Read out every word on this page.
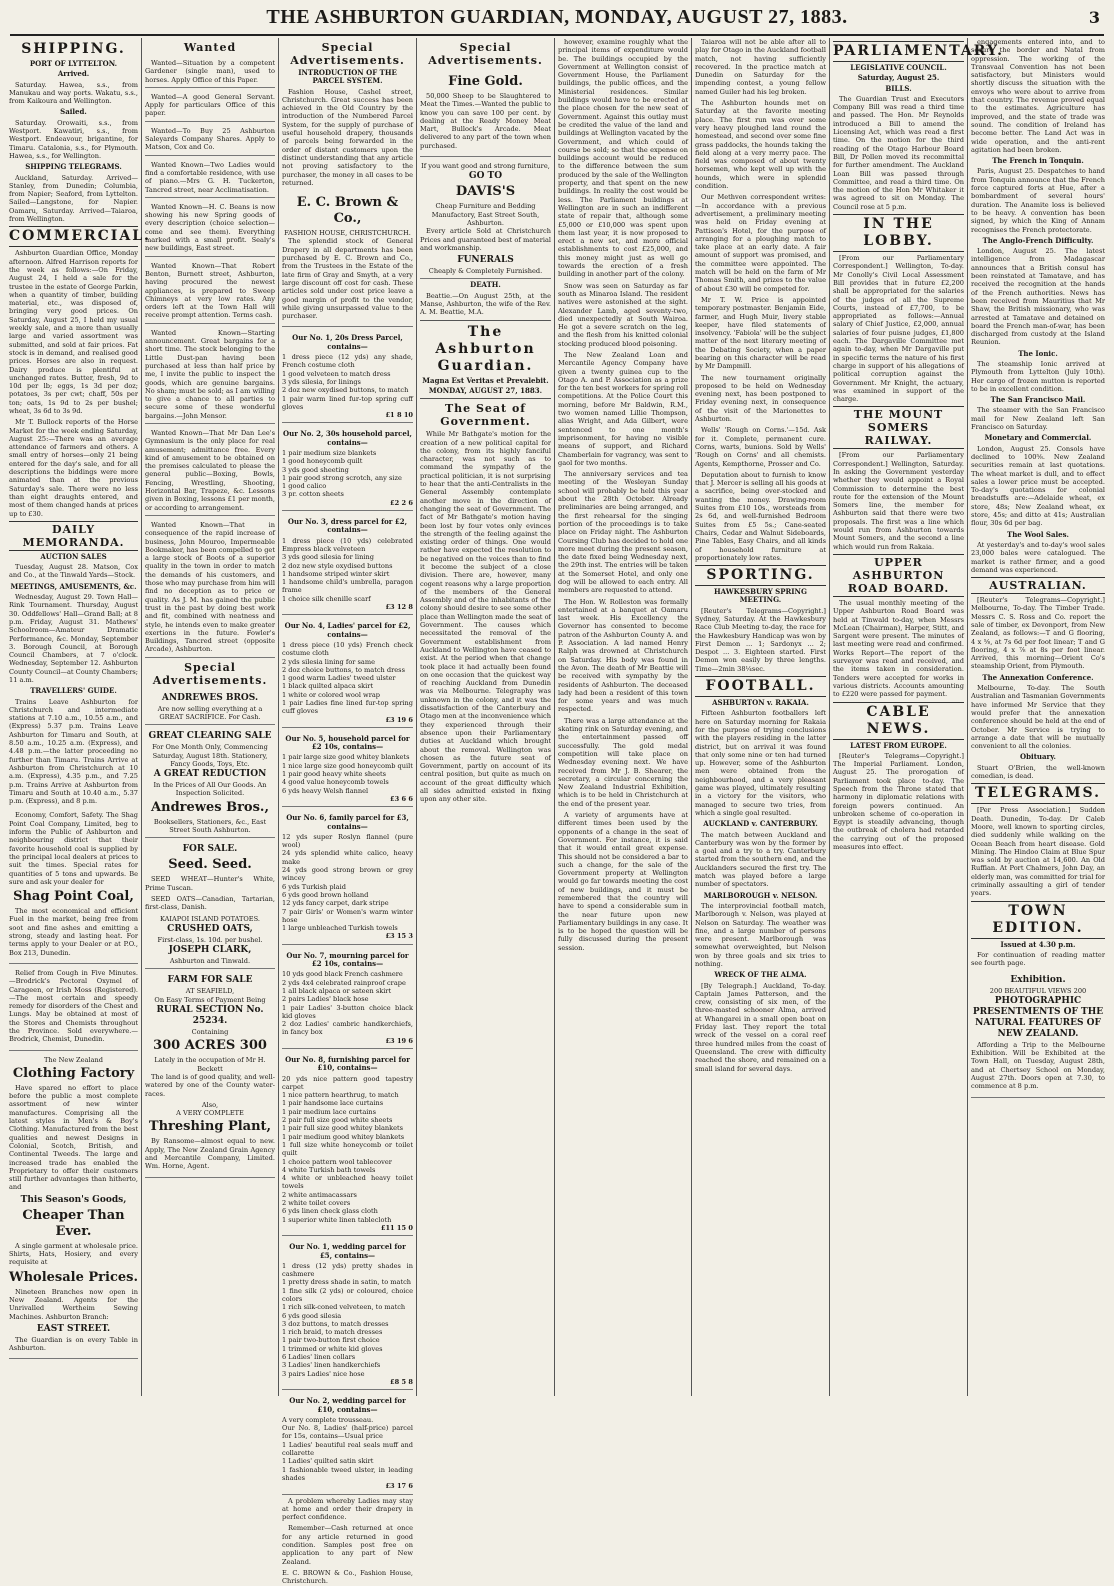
THE ASHBURTON GUARDIAN, MONDAY, AUGUST 27, 1883.	3
SHIPPING.
PORT OF LYTTELTON.
Arrived.

Saturday. Hawea, s.s., from Manukau and way ports. Wakatu, s.s., from Kaikoura and Wellington.

Sailed.

Saturday. Orowaiti, s.s., from Westport. Kawatiri, s.s., from Westport. Endeavour, brigantine, for Timaru. Catalonia, s.s., for Plymouth. Hawea, s.s., for Wellington.

SHIPPING TELEGRAMS.

Auckland, Saturday. Arrived—Stanley, from Dunedin; Columbia, from Napier; Seaford, from Lyttelton. Sailed—Langstone, for Napier. Oamaru, Saturday. Arrived—Taiaroa, from Wellington.

COMMERCIAL.

Ashburton Guardian Office, Monday afternoon. Alfred Harrison reports for the week as follows:—On Friday, August 24, I held a sale for the trustee in the estate of George Parkin, when a quantity of timber, building material, etc., was disposed of, bringing very good prices. On Saturday, August 25, I held my usual weekly sale, and a more than usually large and varied assortment was submitted, and sold at fair prices. Fat stock is in demand, and realised good prices. Horses are also in request. Dairy produce is plentiful at unchanged rates. Butter, fresh, 9d to 10d per lb; eggs, 1s 3d per doz; potatoes, 3s per cwt; chaff, 50s per ton; oats, 1s 9d to 2s per bushel; wheat, 3s 6d to 3s 9d.

Mr T. Bullock reports of the Horse Market for the week ending Saturday, August 25:—There was an average attendance of farmers and others. A small entry of horses—only 21 being entered for the day's sale, and for all descriptions the biddings were more animated than at the previous Saturday's sale. There were no less than eight draughts entered, and most of them changed hands at prices up to £30.

DAILY MEMORANDA.
AUCTION SALES

Tuesday, August 28. Matson, Cox and Co., at the Tinwald Yards—Stock.

MEETINGS, AMUSEMENTS, &c.

Wednesday, August 29. Town Hall—Rink Tournament. Thursday, August 30. Oddfellows' Hall—Grand Ball; at 8 p.m. Friday, August 31. Mathews' Schoolroom—Amateur Dramatic Performance, &c. Monday, September 3. Borough Council, at Borough Council Chambers, at 7 o'clock. Wednesday, September 12. Ashburton County Council—at County Chambers; 11 a.m.

TRAVELLERS' GUIDE.

Trains Leave Ashburton for Christchurch and intermediate stations at 7.10 a.m., 10.55 a.m., and (Express) 5.37 p.m. Trains Leave Ashburton for Timaru and South, at 8.50 a.m., 10.25 a.m. (Express), and 4.48 p.m.—the latter proceeding no further than Timaru. Trains Arrive at Ashburton from Christchurch at 10 a.m. (Express), 4.35 p.m., and 7.25 p.m. Trains Arrive at Ashburton from Timaru and South at 10.40 a.m., 5.37 p.m. (Express), and 8 p.m.

Economy, Comfort, Safety. The Shag Point Coal Company, Limited, beg to inform the Public of Ashburton and neighbouring district that their favorite household coal is supplied by the principal local dealers at prices to suit the times. Special rates for quantities of 5 tons and upwards. Be sure and ask your dealer for

Shag Point Coal,

The most economical and efficient Fuel in the market, being free from soot and fine ashes and emitting a strong, steady and lasting heat. For terms apply to your Dealer or at P.O., Box 213, Dunedin.

Relief from Cough in Five Minutes.—Brodrick's Pectoral Oxymel of Carageen, or Irish Moss (Registered).—The most certain and speedy remedy for disorders of the Chest and Lungs. May be obtained at most of the Stores and Chemists throughout the Province. Sold everywhere.—Brodrick, Chemist, Dunedin.

The New Zealand
Clothing Factory

Have spared no effort to place before the public a most complete assortment of new winter manufactures. Comprising all the latest styles in Men's & Boy's Clothing. Manufactured from the best qualities and newest Designs in Colonial, Scotch, British, and Continental Tweeds. The large and increased trade has enabled the Proprietary to offer their customers still further advantages than hitherto, and

This Season's Goods,
Cheaper Than Ever.

A single garment at wholesale price. Shirts, Hats, Hosiery, and every requisite at

Wholesale Prices.

Nineteen Branches now open in New Zealand. Agents for the Unrivalled Wertheim Sewing Machines. Ashburton Branch:

EAST STREET.

The Guardian is on every Table in Ashburton.

Wanted

Wanted—Situation by a competent Gardener (single man), used to horses. Apply Office of this Paper.

Wanted—A good General Servant. Apply for particulars Office of this paper.

Wanted—To Buy 25 Ashburton Saleyards Company Shares. Apply to Matson, Cox and Co.

Wanted Known—Two Ladies would find a comfortable residence, with use of piano.—Mrs G. H. Tuckerton, Tancred street, near Acclimatisation.

Wanted Known—H. C. Beans is now showing his new Spring goods of every description (choice selection—come and see them). Everything marked with a small profit. Sealy's new buildings, East street.

Wanted Known—That Robert Benton, Burnett street, Ashburton, having procured the newest appliances, is prepared to Sweep Chimneys at very low rates. Any orders left at the Town Hall will receive prompt attention. Terms cash.

Wanted Known—Starting announcement. Great bargains for a short time. The stock belonging to the Little Dust-pan having been purchased at less than half price by me, I invite the public to inspect the goods, which are genuine bargains. No sham; must be sold; as I am willing to give a chance to all parties to secure some of these wonderful bargains.—John Mensor.

Wanted Known—That Mr Dan Lee's Gymnasium is the only place for real amusement; admittance free. Every kind of amusement to be obtained on the premises calculated to please the general public—Boxing, Bowls, Fencing, Wrestling, Shooting, Horizontal Bar, Trapeze, &c. Lessons given in Boxing, lessons £1 per month, or according to arrangement.

Wanted Known—That in consequence of the rapid increase of business, John Mouroo, Impermeable Bookmaker, has been compelled to get a large stock of Boots of a superior quality in the town in order to match the demands of his customers, and those who may purchase from him will find no deception as to price or quality. As J. M. has gained the public trust in the past by doing best work and fit, combined with neatness and style, he intends even to make greater exertions in the future. Fowler's Buildings, Tancred street (opposite Arcade), Ashburton.

Special Advertisements.
ANDREWES BROS.
Are now selling everything at a GREAT SACRIFICE. For Cash.
GREAT CLEARING SALE
For One Month Only, Commencing Saturday, August 18th. Stationery, Fancy Goods, Toys, Etc.
A GREAT REDUCTION
In the Prices of All Our Goods. An Inspection Solicited.
Andrewes Bros.,
Booksellers, Stationers, &c., East Street South Ashburton.
FOR SALE.
Seed. Seed.

SEED WHEAT—Hunter's White, Prime Tuscan.

SEED OATS—Canadian, Tartarian, first-class, Danish.

KAIAPOI ISLAND POTATOES.
CRUSHED OATS,
First-class, 1s. 10d. per bushel.
JOSEPH CLARK,
Ashburton and Tinwald.
FARM FOR SALE
AT SEAFIELD,
On Easy Terms of Payment Being
RURAL SECTION No. 25234.
Containing
300 ACRES 300
Lately in the occupation of Mr H. Beckett

The land is of good quality, and well-watered by one of the County water-races.

Also,
A VERY COMPLETE
Threshing Plant,

By Ransome—almost equal to new. Apply, The New Zealand Grain Agency and Mercantile Company, Limited. Wm. Horne, Agent.

Special Advertisements.
INTRODUCTION OF THE PARCEL SYSTEM.

Fashion House, Cashel street, Christchurch. Great success has been achieved in the Old Country by the introduction of the Numbered Parcel System, for the supply of purchase of useful household drapery, thousands of parcels being forwarded in the order of distant customers upon the distinct understanding that any article not proving satisfactory to the purchaser, the money in all cases to be returned.

E. C. Brown & Co.,
FASHION HOUSE, CHRISTCHURCH.

The splendid stock of General Drapery in all departments has been purchased by E. C. Brown and Co., from the Trustees in the Estate of the late firm of Gray and Smyth, at a very large discount off cost for cash. These articles sold under cost price leave a good margin of profit to the vendor, while giving unsurpassed value to the purchaser.

Our No. 1, 20s Dress Parcel, contains—
1 dress piece (12 yds) any shade, French costume cloth
1 good velveteen to match dress
3 yds silesia, for linings
2 doz new oxydised buttons, to match
1 pair warm lined fur-top spring cuff gloves
£1 8 10
Our No. 2, 30s household parcel, contains—
1 pair medium size blankets
1 good honeycomb quilt
3 yds good sheeting
1 pair good strong scrotch, any size
1 good calico
3 pr. cotton sheets
£2 2 6
Our No. 3, dress parcel for £2, contains—
1 dress piece (10 yds) celebrated Empress black velveteen
3 yds good silesia for lining
2 doz new style oxydised buttons
1 handsome striped winter skirt
1 handsome child's umbrella, paragon frame
1 choice silk chenille scarf
£3 12 8
Our No. 4, Ladies' parcel for £2, contains—
1 dress piece (10 yds) French check costume cloth
2 yds silesia lining for same
2 doz choice buttons, to match dress
1 good warm Ladies' tweed ulster
1 black quilted alpaca skirt
1 white or colored wool wrap
1 pair Ladies fine lined fur-top spring cuff gloves
£3 19 6
Our No. 5, household parcel for £2 10s, contains—
1 pair large size good whitey blankets
1 nice large size good honeycomb quilt
1 pair good heavy white sheets
4 good value honeycomb towels
6 yds heavy Welsh flannel
£3 6 6
Our No. 6, family parcel for £3, contains—
12 yds super Roslyn flannel (pure wool)
24 yds splendid white calico, heavy make
24 yds good strong brown or grey wincey
6 yds Turkish plaid
6 yds good brown holland
12 yds fancy carpet, dark stripe
7 pair Girls' or Women's warm winter hose
1 large unbleached Turkish towels
£3 15 3
Our No. 7, mourning parcel for £2 10s, contains—
10 yds good black French cashmere
2 yds 4x4 celebrated rainproof crape
1 all black alpaca or sateen skirt
2 pairs Ladies' black hose
1 pair Ladies' 3-button choice black kid gloves
2 doz Ladies' cambric handkerchiefs, in fancy box
£3 19 6
Our No. 8, furnishing parcel for £10, contains—
20 yds nice pattern good tapestry carpet
1 nice pattern hearthrug, to match
1 pair handsome lace curtains
1 pair medium lace curtains
2 pair full size good white sheets
1 pair full size good whitey blankets
1 pair medium good whitey blankets
1 full size white honeycomb or toilet quilt
1 choice pattern wool tablecover
4 white Turkish bath towels
4 white or unbleached heavy toilet towels
2 white antimacassars
2 white toilet covers
6 yds linen check glass cloth
1 superior white linen tablecloth
£11 15 0
Our No. 1, wedding parcel for £5, contains—
1 dress (12 yds) pretty shades in cashmere
1 pretty dress shade in satin, to match
1 fine silk (2 yds) or coloured, choice colors
1 rich silk-coned velveteen, to match
6 yds good silesia
3 doz buttons, to match dresses
1 rich braid, to match dresses
1 pair two-button first choice
1 trimmed or white kid gloves
6 Ladies' linen collars
3 Ladies' linen handkerchiefs
3 pairs Ladies' nice hose
£8 5 8
Our No. 2, wedding parcel for £10, contains—
A very complete trousseau.
Our No. 8, Ladies' (half-price) parcel for 15s, contains—Usual price
1 Ladies' beautiful real seals muff and collarette
1 Ladies' quilted satin skirt
1 fashionable tweed ulster, in leading shades
£3 17 6

A problem whereby Ladies may stay at home and order their drapery in perfect confidence.

Remember—Cash returned at once for any article returned in good condition. Samples post free on application to any part of New Zealand.

E. C. BROWN & Co., Fashion House, Christchurch.
Special Advertisements.
Fine Gold.

50,000 Sheep to be Slaughtered to Meat the Times.—Wanted the public to know you can save 100 per cent. by dealing at the Ready Money Meat Mart, Bullock's Arcade. Meat delivered to any part of the town when purchased.

If you want good and strong furniture,
GO TO
DAVIS'S
Cheap Furniture and Bedding Manufactory, East Street South, Ashburton.

Every article Sold at Christchurch Prices and guaranteed best of material and workmanship.

FUNERALS
Cheaply & Completely Furnished.
DEATH.

Beattie.—On August 25th, at the Manse, Ashburton, the wife of the Rev. A. M. Beattie, M.A.

The Ashburton Guardian.
Magna Est Veritas et Prevalebit.
MONDAY, AUGUST 27, 1883.
The Seat of Government.

While Mr Bathgate's motion for the creation of a new political capital for the colony, from its highly fanciful character, was not such as to command the sympathy of the practical politician, it is not surprising to hear that the anti-Centralists in the General Assembly contemplate another move in the direction of changing the seat of Government. The fact of Mr Bathgate's motion having been lost by four votes only evinces the strength of the feeling against the existing order of things. One would rather have expected the resolution to be negatived on the voices than to find it become the subject of a close division. There are, however, many cogent reasons why a large proportion of the members of the General Assembly and of the inhabitants of the colony should desire to see some other place than Wellington made the seat of Government. The causes which necessitated the removal of the Government establishment from Auckland to Wellington have ceased to exist. At the period when that change took place it had actually been found on one occasion that the quickest way of reaching Auckland from Dunedin was via Melbourne. Telegraphy was unknown in the colony, and it was the dissatisfaction of the Canterbury and Otago men at the inconvenience which they experienced through their absence upon their Parliamentary duties at Auckland which brought about the removal. Wellington was chosen as the future seat of Government, partly on account of its central position, but quite as much on account of the great difficulty which all sides admitted existed in fixing upon any other site.

however, examine roughly what the principal items of expenditure would be. The buildings occupied by the Government at Wellington consist of Government House, the Parliament buildings, the public offices, and the Ministerial residences. Similar buildings would have to be erected at the place chosen for the new seat of Government. Against this outlay must be credited the value of the land and buildings at Wellington vacated by the Government, and which could of course be sold; so that the expense on buildings account would be reduced to the difference between the sum produced by the sale of the Wellington property, and that spent on the new buildings. In reality the cost would be less. The Parliament buildings at Wellington are in such an indifferent state of repair that, although some £5,000 or £10,000 was spent upon them last year, it is now proposed to erect a new set, and more official establishments to cost £25,000, and this money might just as well go towards the erection of a fresh building in another part of the colony.

Snow was seen on Saturday as far south as Minaroa Island. The resident natives were astonished at the sight. Alexander Lamb, aged seventy-two, died unexpectedly at South Wairoa. He got a severe scratch on the leg, and the flesh from his knitted colonial stocking produced blood poisoning.

The New Zealand Loan and Mercantile Agency Company have given a twenty guinea cup to the Otago A. and P. Association as a prize for the ten best workers for spring roll competitions. At the Police Court this morning, before Mr Baldwin, R.M., two women named Lillie Thompson, alias Wright, and Ada Gilbert, were sentenced to one month's imprisonment, for having no visible means of support, and Richard Chamberlain for vagrancy, was sent to gaol for two months.

The anniversary services and tea meeting of the Wesleyan Sunday school will probably be held this year about the 28th October. Already preliminaries are being arranged, and the first rehearsal for the singing portion of the proceedings is to take place on Friday night. The Ashburton Coursing Club has decided to hold one more meet during the present season, the date fixed being Wednesday next, the 29th inst. The entries will be taken at the Somerset Hotel, and only one dog will be allowed to each entry. All members are requested to attend.

The Hon. W. Rolleston was formally entertained at a banquet at Oamaru last week. His Excellency the Governor has consented to become patron of the Ashburton County A. and P. Association. A lad named Henry Ralph was drowned at Christchurch on Saturday. His body was found in the Avon. The death of Mr Beattie will be received with sympathy by the residents of Ashburton. The deceased lady had been a resident of this town for some years and was much respected.

There was a large attendance at the skating rink on Saturday evening, and the entertainment passed off successfully. The gold medal competition will take place on Wednesday evening next. We have received from Mr J. B. Shearer, the secretary, a circular concerning the New Zealand Industrial Exhibition, which is to be held in Christchurch at the end of the present year.

A variety of arguments have at different times been used by the opponents of a change in the seat of Government. For instance, it is said that it would entail great expense. This should not be considered a bar to such a change, for the sale of the Government property at Wellington would go far towards meeting the cost of new buildings, and it must be remembered that the country will have to spend a considerable sum in the near future upon new Parliamentary buildings in any case. It is to be hoped the question will be fully discussed during the present session.

Taiaroa will not be able after all to play for Otago in the Auckland football match, not having sufficiently recovered. In the practice match at Dunedin on Saturday for the impending contest, a young fellow named Guiler had his leg broken.

The Ashburton hounds met on Saturday at the favorite meeting place. The first run was over some very heavy ploughed land round the homestead, and second over some fine grass paddocks, the hounds taking the field along at a very merry pace. The field was composed of about twenty horsemen, who kept well up with the hounds, which were in splendid condition.

Our Methven correspondent writes:—In accordance with a previous advertisement, a preliminary meeting was held on Friday evening at Pattison's Hotel, for the purpose of arranging for a ploughing match to take place at an early date. A fair amount of support was promised, and the committee were appointed. The match will be held on the farm of Mr Thomas Smith, and prizes to the value of about £30 will be competed for.

Mr T. W. Price is appointed temporary postmaster. Benjamin Eide, farmer, and Hugh Muir, livery stable keeper, have filed statements of insolvency. 'Fabiola' will be the subject matter of the next literary meeting of the Debating Society, when a paper bearing on this character will be read by Mr Dampmill.

The new tournament originally proposed to be held on Wednesday evening next, has been postponed to Friday evening next, in consequence of the visit of the Marionettes to Ashburton.

Wells' 'Rough on Corns.'—15d. Ask for it. Complete, permanent cure. Corns, warts, bunions. Sold by Wells' 'Rough on Corns' and all chemists. Agents, Kempthorne, Prosser and Co.

Deputation about to furnish to know that J. Mercer is selling all his goods at a sacrifice, being over-stocked and wanting the money. Drawing-room Suites from £10 10s., worsteads from 2s 6d, and well-furnished Bedroom Suites from £5 5s.; Cane-seated Chairs, Cedar and Walnut Sideboards, Pine Tables, Easy Chairs, and all kinds of household furniture at proportionately low rates.

SPORTING.
HAWKESBURY SPRING MEETING.

[Reuter's Telegrams—Copyright.] Sydney, Saturday. At the Hawkesbury Race Club Meeting to-day, the race for the Hawkesbury Handicap was won by First Demon ... 1; Sardonyx ... 2; Despot ... 3. Eighteen started. First Demon won easily by three lengths. Time—2min 38¼sec.

FOOTBALL.
ASHBURTON v. RAKAIA.

Fifteen Ashburton footballers left here on Saturday morning for Rakaia for the purpose of trying conclusions with the players residing in the latter district, but on arrival it was found that only some nine or ten had turned up. However, some of the Ashburton men were obtained from the neighbourhood, and a very pleasant game was played, ultimately resulting in a victory for the visitors, who managed to secure two tries, from which a single goal resulted.

AUCKLAND v. CANTERBURY.

The match between Auckland and Canterbury was won by the former by a goal and a try to a try. Canterbury started from the southern end, and the Aucklanders secured the first try. The match was played before a large number of spectators.

MARLBOROUGH v. NELSON.

The interprovincial football match, Marlborough v. Nelson, was played at Nelson on Saturday. The weather was fine, and a large number of persons were present. Marlborough was somewhat overweighted, but Nelson won by three goals and six tries to nothing.

WRECK OF THE ALMA.

[By Telegraph.] Auckland, To-day. Captain James Patterson, and the crew, consisting of six men, of the three-masted schooner Alma, arrived at Whangarei in a small open boat on Friday last. They report the total wreck of the vessel on a coral reef three hundred miles from the coast of Queensland. The crew with difficulty reached the shore, and remained on a small island for several days.

PARLIAMENTARY.
LEGISLATIVE COUNCIL.
Saturday, August 25.
BILLS.

The Guardian Trust and Executors Company Bill was read a third time and passed. The Hon. Mr Reynolds introduced a Bill to amend the Licensing Act, which was read a first time. On the motion for the third reading of the Otago Harbour Board Bill, Dr Pollen moved its recommittal for further amendment. The Auckland Loan Bill was passed through Committee, and read a third time. On the motion of the Hon Mr Whitaker it was agreed to sit on Monday. The Council rose at 5 p.m.

IN THE LOBBY.

[From our Parliamentary Correspondent.] Wellington, To-day. Mr Conolly's Civil Local Assessment Bill provides that in future £2,200 shall be appropriated for the salaries of the judges of all the Supreme Courts, instead of £7,700, to be appropriated as follows:—Annual salary of Chief Justice, £2,000, annual salaries of four puisne judges, £1,800 each. The Dargaville Committee met again to-day, when Mr Dargaville put in specific terms the nature of his first charge in support of his allegations of political corruption against the Government. Mr Knight, the actuary, was examined in support of the charge.

THE MOUNT SOMERS RAILWAY.

[From our Parliamentary Correspondent.] Wellington, Saturday. In asking the Government yesterday whether they would appoint a Royal Commission to determine the best route for the extension of the Mount Somers line, the member for Ashburton said that there were two proposals. The first was a line which would run from Ashburton towards Mount Somers, and the second a line which would run from Rakaia.

UPPER ASHBURTON ROAD BOARD.

The usual monthly meeting of the Upper Ashburton Road Board was held at Tinwald to-day, when Messrs McLean (Chairman), Harper, Stitt, and Sargent were present. The minutes of last meeting were read and confirmed. Works Report—The report of the surveyor was read and received, and the items taken in consideration. Tenders were accepted for works in various districts. Accounts amounting to £220 were passed for payment.

CABLE NEWS.
LATEST FROM EUROPE.

[Reuter's Telegrams—Copyright.] The Imperial Parliament. London, August 25. The prorogation of Parliament took place to-day. The Speech from the Throne stated that harmony in diplomatic relations with foreign powers continued. An unbroken scheme of co-operation in Egypt is steadily advancing, though the outbreak of cholera had retarded the carrying out of the proposed measures into effect.

engagements entered into, and to secure the border and Natal from oppression. The working of the Transvaal Convention has not been satisfactory, but Ministers would shortly discuss the situation with the envoys who were about to arrive from that country. The revenue proved equal to the estimates. Agriculture has improved, and the state of trade was sound. The condition of Ireland has become better. The Land Act was in wide operation, and the anti-rent agitation had been broken.

The French in Tonquin.

Paris, August 25. Despatches to hand from Tonquin announce that the French force captured forts at Hue, after a bombardment of several hours' duration. The Anamite loss is believed to be heavy. A convention has been signed, by which the King of Annam recognises the French protectorate.

The Anglo-French Difficulty.

London, August 25. The latest intelligence from Madagascar announces that a British consul has been reinstated at Tamatave, and has received the recognition at the hands of the French authorities. News has been received from Mauritius that Mr Shaw, the British missionary, who was arrested at Tamatave and detained on board the French man-of-war, has been discharged from custody at the Island Reunion.

The Ionic.

The steamship Ionic arrived at Plymouth from Lyttelton (July 10th). Her cargo of frozen mutton is reported to be in excellent condition.

The San Francisco Mail.

The steamer with the San Francisco mail for New Zealand left San Francisco on Saturday.

Monetary and Commercial.

London, August 25. Consols have declined to 100⅝. New Zealand securities remain at last quotations. The wheat market is dull, and to effect sales a lower price must be accepted. To-day's quotations for colonial breadstuffs are:—Adelaide wheat, ex store, 48s; New Zealand wheat, ex store, 45s; and ditto at 41s; Australian flour, 30s 6d per bag.

The Wool Sales.

At yesterday's and to-day's wool sales 23,000 bales were catalogued. The market is rather firmer, and a good demand was experienced.

AUSTRALIAN.

[Reuter's Telegrams—Copyright.] Melbourne, To-day. The Timber Trade. Messrs C. S. Ross and Co. report the sale of timber, ex Devonport, from New Zealand, as follows:—T and G flooring, 4 x ⅝, at 7s 6d per foot linear; T and G flooring, 4 x ⅞ at 8s per foot linear. Arrived, this morning—Orient Co's steamship Orient, from Plymouth.

The Annexation Conference.

Melbourne, To-day. The South Australian and Tasmanian Governments have informed Mr Service that they would prefer that the annexation conference should be held at the end of October. Mr Service is trying to arrange a date that will be mutually convenient to all the colonies.

Obituary.

Stuart O'Brien, the well-known comedian, is dead.

TELEGRAMS.

[Per Press Association.] Sudden Death. Dunedin, To-day. Dr Caleb Moore, well known to sporting circles, died suddenly while walking on the Ocean Beach from heart disease. Gold Mining. The Hindoo Claim at Blue Spur was sold by auction at 14,600. An Old Ruffian. At Port Chalmers, John Day, an elderly man, was committed for trial for criminally assaulting a girl of tender years.

TOWN EDITION.
Issued at 4.30 p.m.

For continuation of reading matter see fourth page.

Exhibition.
200 BEAUTIFUL VIEWS 200
PHOTOGRAPHIC PRESENTMENTS OF THE NATURAL FEATURES OF NEW ZEALAND.

Affording a Trip to the Melbourne Exhibition. Will be Exhibited at the Town Hall, on Tuesday, August 28th, and at Chertsey School on Monday, August 27th. Doors open at 7.30, to commence at 8 p.m.
